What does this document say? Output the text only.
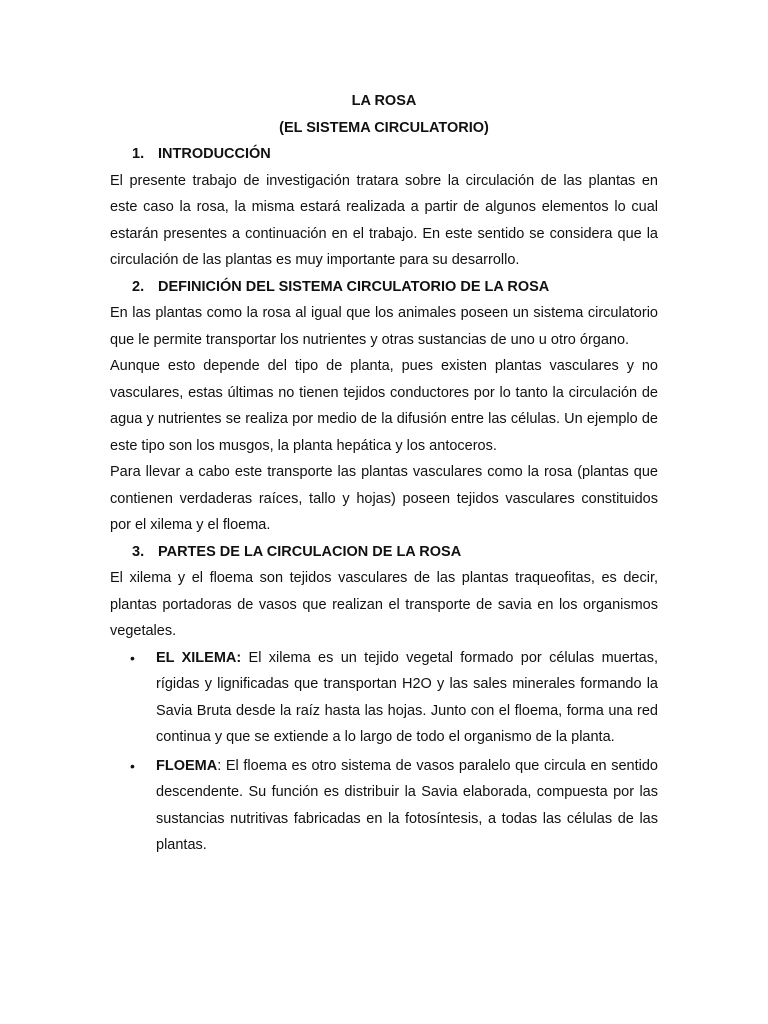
LA ROSA

(EL SISTEMA CIRCULATORIO)

1. INTRODUCCIÓN

El presente trabajo de investigación tratara sobre la circulación de las plantas en este caso la rosa, la misma estará realizada a partir de algunos elementos lo cual estarán presentes a continuación en el trabajo. En este sentido se considera que la circulación de las plantas es muy importante para su desarrollo.

2. DEFINICIÓN DEL SISTEMA CIRCULATORIO DE LA ROSA

En las plantas como la rosa al igual que los animales poseen un sistema circulatorio que le permite transportar los nutrientes y otras sustancias de uno u otro órgano.

Aunque esto depende del tipo de planta, pues existen plantas vasculares y no vasculares, estas últimas no tienen tejidos conductores por lo tanto la circulación de agua y nutrientes se realiza por medio de la difusión entre las células. Un ejemplo de este tipo son los musgos, la planta hepática y los antoceros.

Para llevar a cabo este transporte las plantas vasculares como la rosa (plantas que contienen verdaderas raíces, tallo y hojas) poseen tejidos vasculares constituidos por el xilema y el floema.

3. PARTES DE LA CIRCULACION DE LA ROSA

El xilema y el floema son tejidos vasculares de las plantas traqueofitas, es decir, plantas portadoras de vasos que realizan el transporte de savia en los organismos vegetales.

• EL XILEMA: El xilema es un tejido vegetal formado por células muertas, rígidas y lignificadas que transportan H2O y las sales minerales formando la Savia Bruta desde la raíz hasta las hojas. Junto con el floema, forma una red continua y que se extiende a lo largo de todo el organismo de la planta.
• FLOEMA: El floema es otro sistema de vasos paralelo que circula en sentido descendente. Su función es distribuir la Savia elaborada, compuesta por las sustancias nutritivas fabricadas en la fotosíntesis, a todas las células de las plantas.
